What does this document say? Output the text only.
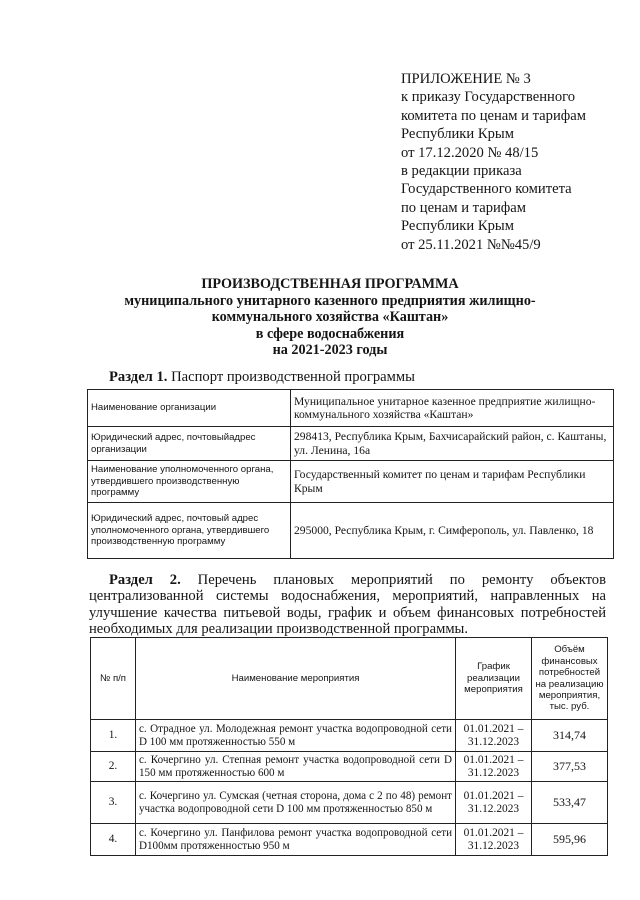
ПРИЛОЖЕНИЕ № 3
к приказу Государственного
комитета по ценам и тарифам
Республики Крым
от 17.12.2020 № 48/15
в редакции приказа
Государственного комитета
по ценам и тарифам
Республики Крым
от 25.11.2021 №№45/9
ПРОИЗВОДСТВЕННАЯ ПРОГРАММА
муниципального унитарного казенного предприятия жилищно-
коммунального хозяйства «Каштан»
в сфере водоснабжения
на 2021-2023 годы
Раздел 1. Паспорт производственной программы
Наименование организации	Муниципальное унитарное казенное предприятие жилищно-коммунального хозяйства «Каштан»
Юридический адрес, почтовыйадрес организации	298413, Республика Крым, Бахчисарайский район, с. Каштаны, ул. Ленина, 16а
Наименование уполномоченного органа, утвердившего производственную программу	Государственный комитет по ценам и тарифам Республики Крым
Юридический адрес, почтовый адрес уполномоченного органа, утвердившего производственную программу	295000, Республика Крым, г. Симферополь, ул. Павленко, 18
Раздел 2. Перечень плановых мероприятий по ремонту объектов централизованной системы водоснабжения, мероприятий, направленных на улучшение качества питьевой воды, график и объем финансовых потребностей необходимых для реализации производственной программы.
№ п/п	Наименование мероприятия	График реализации мероприятия	Объём финансовых потребностей на реализацию мероприятия, тыс. руб.
1.	с. Отрадное ул. Молодежная ремонт участка водопроводной сети D 100 мм протяженностью 550 м	01.01.2021 – 31.12.2023	314,74
2.	с. Кочергино ул. Степная ремонт участка водопроводной сети D 150 мм протяженностью 600 м	01.01.2021 – 31.12.2023	377,53
3.	с. Кочергино ул. Сумская (четная сторона, дома с 2 по 48) ремонт участка водопроводной сети D 100 мм протяженностью 850 м	01.01.2021 – 31.12.2023	533,47
4.	с. Кочергино ул. Панфилова ремонт участка водопроводной сети D100мм протяженностью 950 м	01.01.2021 – 31.12.2023	595,96
